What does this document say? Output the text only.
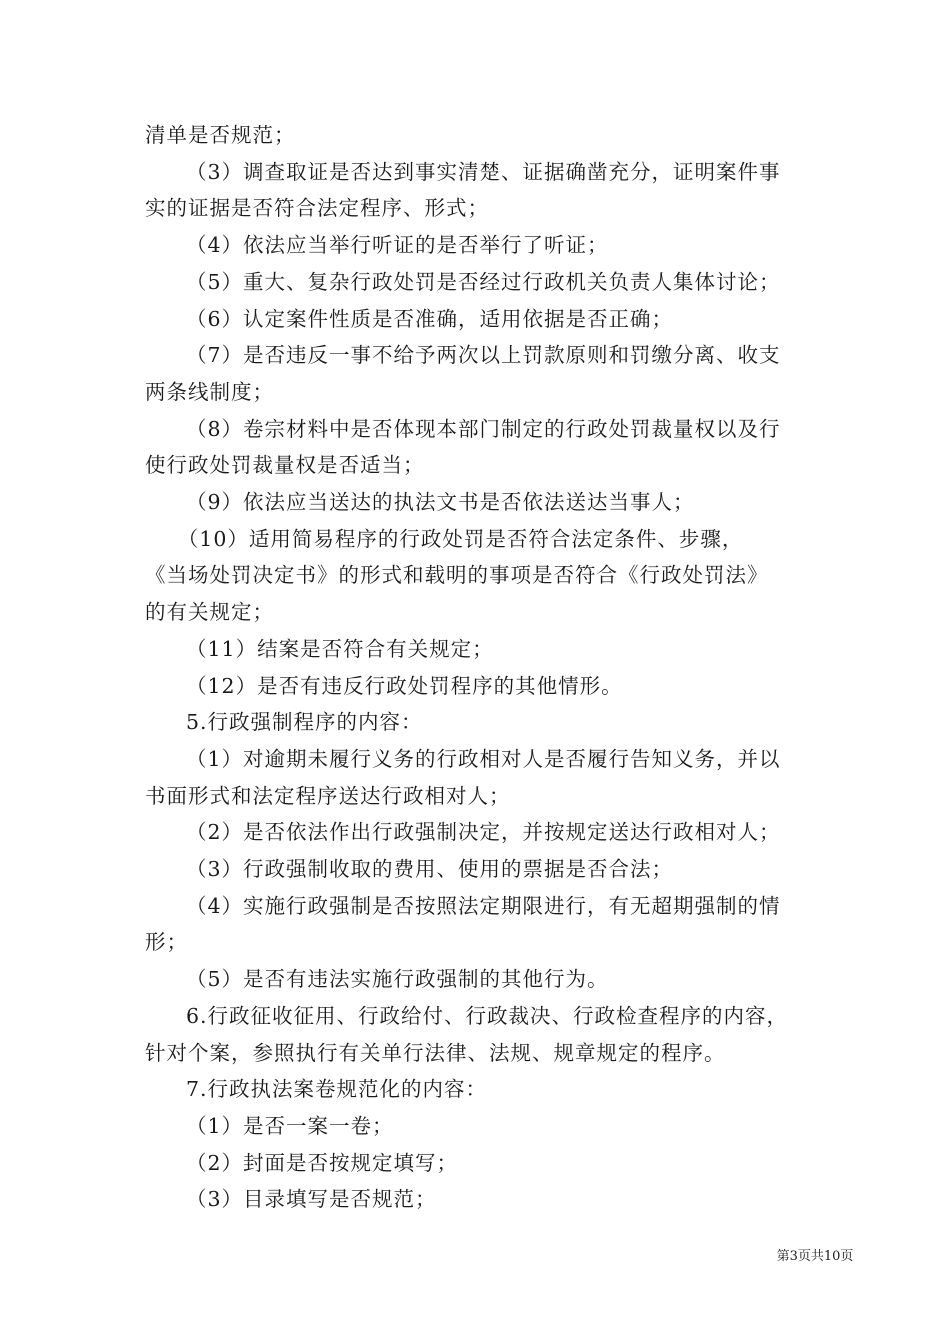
清单是否规范；

（3）调查取证是否达到事实清楚、证据确凿充分，证明案件事
实的证据是否符合法定程序、形式；

（4）依法应当举行听证的是否举行了听证；

（5）重大、复杂行政处罚是否经过行政机关负责人集体讨论；

（6）认定案件性质是否准确，适用依据是否正确；

（7）是否违反一事不给予两次以上罚款原则和罚缴分离、收支
两条线制度；

（8）卷宗材料中是否体现本部门制定的行政处罚裁量权以及行
使行政处罚裁量权是否适当；

（9）依法应当送达的执法文书是否依法送达当事人；

（10）适用简易程序的行政处罚是否符合法定条件、步骤，
《当场处罚决定书》的形式和载明的事项是否符合《行政处罚法》
的有关规定；

（11）结案是否符合有关规定；

（12）是否有违反行政处罚程序的其他情形。

5.行政强制程序的内容：

（1）对逾期未履行义务的行政相对人是否履行告知义务，并以
书面形式和法定程序送达行政相对人；

（2）是否依法作出行政强制决定，并按规定送达行政相对人；

（3）行政强制收取的费用、使用的票据是否合法；

（4）实施行政强制是否按照法定期限进行，有无超期强制的情
形；

（5）是否有违法实施行政强制的其他行为。

6.行政征收征用、行政给付、行政裁决、行政检查程序的内容，
针对个案，参照执行有关单行法律、法规、规章规定的程序。

7.行政执法案卷规范化的内容：

（1）是否一案一卷；

（2）封面是否按规定填写；

（3）目录填写是否规范；

第3页共10页
